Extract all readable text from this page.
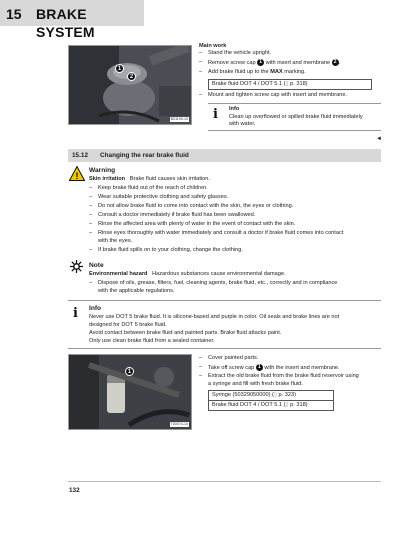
15 BRAKE SYSTEM
1
2
B01109-10
Main work
– Stand the vehicle upright.
– Remove screw cap 1 with insert and membrane 2 .
– Add brake fluid up to the MAX marking.
Brake fluid DOT 4 / DOT 5.1 (▯ p. 318)
– Mount and tighten screw cap with insert and membrane.
i Info
Clean up overflowed or spilled brake fluid immediately
with water.
◄
15.12 Changing the rear brake fluid
!
Warning
Skin irritation Brake fluid causes skin irritation.
– Keep brake fluid out of the reach of children.
– Wear suitable protective clothing and safety glasses.
– Do not allow brake fluid to come into contact with the skin, the eyes or clothing.
– Consult a doctor immediately if brake fluid has been swallowed.
– Rinse the affected area with plenty of water in the event of contact with the skin.
– Rinse eyes thoroughly with water immediately and consult a doctor if brake fluid comes into contact
with the eyes.
– If brake fluid spills on to your clothing, change the clothing.
Note
Environmental hazard Hazardous substances cause environmental damage.
– Dispose of oils, grease, filters, fuel, cleaning agents, brake fluid, etc., correctly and in compliance
with the applicable regulations.
i Info
Never use DOT 5 brake fluid. It is silicone-based and purple in color. Oil seals and brake lines are not
designed for DOT 5 brake fluid.
Avoid contact between brake fluid and painted parts. Brake fluid attacks paint.
Only use clean brake fluid from a sealed container.
1
T00074-10
– Cover painted parts.
– Take off screw cap 1 with the insert and membrane.
– Extract the old brake fluid from the brake fluid reservoir using
a syringe and fill with fresh brake fluid.
Syringe (50329050000) (▯ p. 323)
Brake fluid DOT 4 / DOT 5.1 (▯ p. 318)
132
